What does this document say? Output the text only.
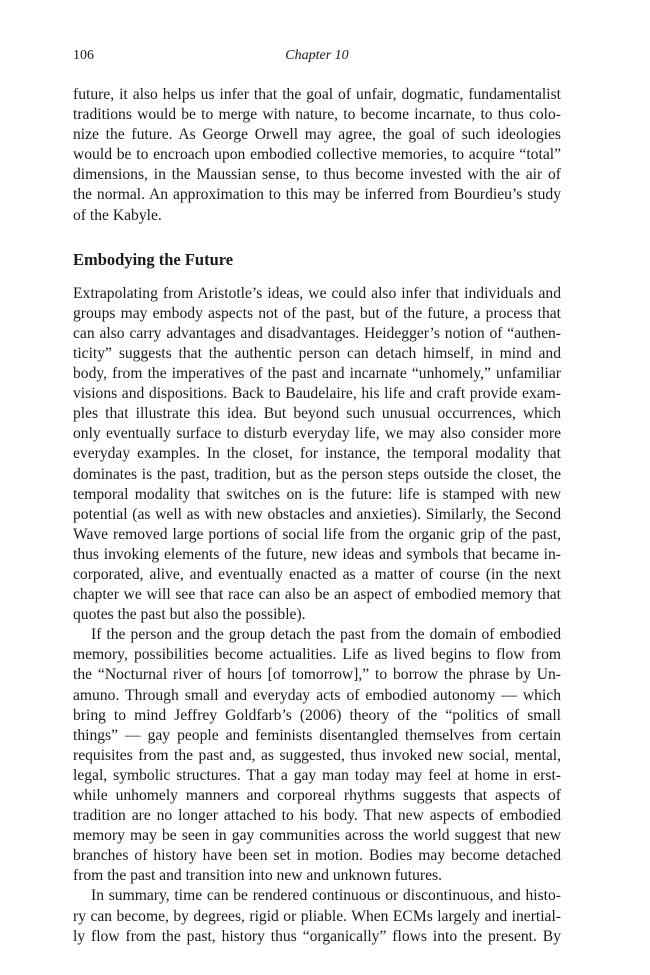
106	Chapter 10
future, it also helps us infer that the goal of unfair, dogmatic, fundamentalist
traditions would be to merge with nature, to become incarnate, to thus colo-
nize the future. As George Orwell may agree, the goal of such ideologies
would be to encroach upon embodied collective memories, to acquire “total”
dimensions, in the Maussian sense, to thus become invested with the air of
the normal. An approximation to this may be inferred from Bourdieu’s study
of the Kabyle.
Embodying the Future
Extrapolating from Aristotle’s ideas, we could also infer that individuals and
groups may embody aspects not of the past, but of the future, a process that
can also carry advantages and disadvantages. Heidegger’s notion of “authen-
ticity” suggests that the authentic person can detach himself, in mind and
body, from the imperatives of the past and incarnate “unhomely,” unfamiliar
visions and dispositions. Back to Baudelaire, his life and craft provide exam-
ples that illustrate this idea. But beyond such unusual occurrences, which
only eventually surface to disturb everyday life, we may also consider more
everyday examples. In the closet, for instance, the temporal modality that
dominates is the past, tradition, but as the person steps outside the closet, the
temporal modality that switches on is the future: life is stamped with new
potential (as well as with new obstacles and anxieties). Similarly, the Second
Wave removed large portions of social life from the organic grip of the past,
thus invoking elements of the future, new ideas and symbols that became in-
corporated, alive, and eventually enacted as a matter of course (in the next
chapter we will see that race can also be an aspect of embodied memory that
quotes the past but also the possible).
If the person and the group detach the past from the domain of embodied
memory, possibilities become actualities. Life as lived begins to flow from
the “Nocturnal river of hours [of tomorrow],” to borrow the phrase by Un-
amuno. Through small and everyday acts of embodied autonomy — which
bring to mind Jeffrey Goldfarb’s (2006) theory of the “politics of small
things” — gay people and feminists disentangled themselves from certain
requisites from the past and, as suggested, thus invoked new social, mental,
legal, symbolic structures. That a gay man today may feel at home in erst-
while unhomely manners and corporeal rhythms suggests that aspects of
tradition are no longer attached to his body. That new aspects of embodied
memory may be seen in gay communities across the world suggest that new
branches of history have been set in motion. Bodies may become detached
from the past and transition into new and unknown futures.
In summary, time can be rendered continuous or discontinuous, and histo-
ry can become, by degrees, rigid or pliable. When ECMs largely and inertial-
ly flow from the past, history thus “organically” flows into the present. By
